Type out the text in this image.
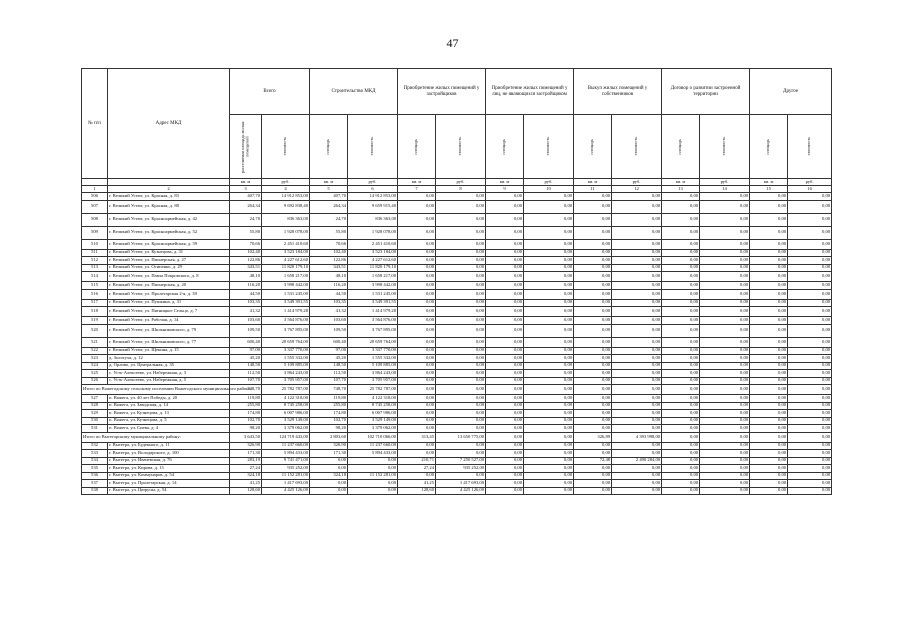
47
№ п/п	Адрес МКД	Всего		Строительство МКД		Приобретение жилых помещений у застройщиков		Приобретение жилых помещений у лиц, не являющихся застройщиком		Выкуп жилых помещений у собственников		Договор о развитии застроенной территории		Другое	

		расселяемая площадь жилых помещений	стоимость	площадь	стоимость	площадь	стоимость	площадь	стоимость	площадь	стоимость	площадь	стоимость	площадь	стоимость

		кв. м	руб.	кв. м	руб.	кв. м	руб.	кв. м	руб.	кв. м	руб.	кв. м	руб.	кв. м	руб.
1	2	3	4	5	6	7	8	9	10	11	12	13	14	15	16
506	г. Великий Устюг, ул. Красная, д. 83	407,70	14 912 853,00	407,70	14 912 853,00	0,00	0,00	0,00	0,00	0,00	0,00	0,00	0,00	0,00	0,00
507	г. Великий Устюг, ул. Красная, д. 88	264,34	9 692 838,40	264,34	9 659 915,40	0,00	0,00	0,00	0,00	0,00	0,00	0,00	0,00	0,00	0,00
508	г. Великий Устюг, ул. Красноармейская, д. 42	24,70	836 363,00	24,70	836 363,00	0,00	0,00	0,00	0,00	0,00	0,00	0,00	0,00	0,00	0,00
509	г. Великий Устюг, ул. Красноармейская, д. 52	55,80	1 928 078,00	55,80	1 928 078,00	0,00	0,00	0,00	0,00	0,00	0,00	0,00	0,00	0,00	0,00
510	г. Великий Устюг, ул. Красноармейская, д. 59	70,66	2 451 410,60	70,66	2 451 410,60	0,00	0,00	0,00	0,00	0,00	0,00	0,00	0,00	0,00	0,00
511	г. Великий Устюг, ул. Кузнецова, д. 31	102,40	3 523 184,00	102,40	3 523 184,00	0,00	0,00	0,00	0,00	0,00	0,00	0,00	0,00	0,00	0,00
512	г. Великий Устюг, ул. Пионерская, д. 27	122,86	4 227 612,60	122,86	4 227 612,60	0,00	0,00	0,00	0,00	0,00	0,00	0,00	0,00	0,00	0,00
513	г. Великий Устюг, ул. Осипенко, д. 29	343,51	11 820 179,10	343,51	11 820 179,10	0,00	0,00	0,00	0,00	0,00	0,00	0,00	0,00	0,00	0,00
514	г. Великий Устюг, ул. Павла Покровского, д. 8	48,10	1 658 217,00	48,10	1 658 217,00	0,00	0,00	0,00	0,00	0,00	0,00	0,00	0,00	0,00	0,00
515	г. Великий Устюг, ул. Пионерская, д. 20	116,20	3 998 442,00	116,20	3 998 442,00	0,00	0,00	0,00	0,00	0,00	0,00	0,00	0,00	0,00	0,00
516	г. Великий Устюг, ул. Пролетарская 2-я, д. 39	44,50	1 531 245,00	44,50	1 531 245,00	0,00	0,00	0,00	0,00	0,00	0,00	0,00	0,00	0,00	0,00
517	г. Великий Устюг, ул. Пушкина, д. 31	103,35	3 549 391,55	103,35	3 549 391,55	0,00	0,00	0,00	0,00	0,00	0,00	0,00	0,00	0,00	0,00
518	г. Великий Устюг, ул. Пятницкое Сельцо, д. 7	41,32	1 414 979,28	41,32	1 414 979,28	0,00	0,00	0,00	0,00	0,00	0,00	0,00	0,00	0,00	0,00
519	г. Великий Устюг, ул. Рабочая, д. 14	103,60	3 564 876,00	103,60	3 564 876,00	0,00	0,00	0,00	0,00	0,00	0,00	0,00	0,00	0,00	0,00
520	г. Великий Устюг, ул. Шильниковского, д. 79	109,50	3 767 895,00	109,50	3 767 895,00	0,00	0,00	0,00	0,00	0,00	0,00	0,00	0,00	0,00	0,00
521	г. Великий Устюг, ул. Шильниковского, д. 77	600,40	20 659 764,00	600,40	20 659 764,00	0,00	0,00	0,00	0,00	0,00	0,00	0,00	0,00	0,00	0,00
522	г. Великий Устюг, ул. Щекина, д. 15	97,00	3 337 770,00	97,00	3 337 770,00	0,00	0,00	0,00	0,00	0,00	0,00	0,00	0,00	0,00	0,00
523	д. Золотуха, д. 12	45,20	1 555 332,00	45,20	1 555 332,00	0,00	0,00	0,00	0,00	0,00	0,00	0,00	0,00	0,00	0,00
524	д. Орлово, ул. Центральная, д. 35	148,50	5 109 885,00	148,50	5 109 885,00	0,00	0,00	0,00	0,00	0,00	0,00	0,00	0,00	0,00	0,00
525	с. Усть-Алексеево, ул. Набережная, д. 3	112,50	3 864 243,00	112,50	3 864 243,00	0,00	0,00	0,00	0,00	0,00	0,00	0,00	0,00	0,00	0,00
526	с. Усть-Алексеево, ул. Набережная, д. 5	107,70	3 705 957,00	107,70	3 705 957,00	0,00	0,00	0,00	0,00	0,00	0,00	0,00	0,00	0,00	0,00
Итого по Вожегодскому сельскому поселению Вожегодского муниципального района		748,70	25 782 787,00	748,70	25 782 787,00	0,00	0,00	0,00	0,00	0,00	0,00	0,00	0,00	0,00	0,00
527	п. Вожега, ул. 40 лет Победы, д. 20	119,80	4 122 318,00	119,80	4 122 318,00	0,00	0,00	0,00	0,00	0,00	0,00	0,00	0,00	0,00	0,00
528	п. Вожега, ул. Заводская, д. 14	255,80	8 745 258,00	255,80	8 745 258,00	0,00	0,00	0,00	0,00	0,00	0,00	0,00	0,00	0,00	0,00
529	п. Вожега, ул. Кузнецова, д. 13	174,80	6 007 986,00	174,80	6 007 986,00	0,00	0,00	0,00	0,00	0,00	0,00	0,00	0,00	0,00	0,00
530	п. Вожега, ул. Кузнецова, д. 5	102,70	3 529 149,00	102,70	3 529 149,00	0,00	0,00	0,00	0,00	0,00	0,00	0,00	0,00	0,00	0,00
531	п. Вожега, ул. Сиева, д. 4	98,20	3 379 062,00	98,20	3 379 062,00	0,00	0,00	0,00	0,00	0,00	0,00	0,00	0,00	0,00	0,00
Итого по Вытегорскому муниципальному району:		3 643,50	124 719 443,00	2 803,60	102 710 066,00	313,45	13 650 775,00	0,00	0,00	326,89	4 393 998,00	0,00	0,00	0,00	0,00
532	г. Вытегра, ул. Буденного, д. 11	326,90	11 237 660,00	326,90	11 237 660,00	0,00	0,00	0,00	0,00	0,00	0,00	0,00	0,00	0,00	0,00
533	г. Вытегра, ул. Володарского, д. 100	171,30	5 894 433,00	171,30	5 894 433,00	0,00	0,00	0,00	0,00	0,00	0,00	0,00	0,00	0,00	0,00
534	г. Вытегра, ул. Ивачевская, д. 76	283,19	9 741 471,00	0,00	0,00	210,71	7 250 527,00	0,00	0,00	72,48	2 490 284,00	0,00	0,00	0,00	0,00
535	г. Вытегра, ул. Кирова, д. 15	27,24	935 252,00	0,00	0,00	27,24	935 252,00	0,00	0,00	0,00	0,00	0,00	0,00	0,00	0,00
536	г. Вытегра, ул. Коммунаров, д. 54	324,18	11 152 281,00	324,18	11 152 281,00	0,00	0,00	0,00	0,00	0,00	0,00	0,00	0,00	0,00	0,00
537	г. Вытегра, ул. Пролетарская, д. 14	41,25	1 417 693,00	0,00	0,00	41,25	1 417 693,00	0,00	0,00	0,00	0,00	0,00	0,00	0,00	0,00
538	г. Вытегра, ул. Цюрупы, д. 54	128,60	4 425 126,00	0,00	0,00	128,60	4 425 126,00	0,00	0,00	0,00	0,00	0,00	0,00	0,00	0,00
